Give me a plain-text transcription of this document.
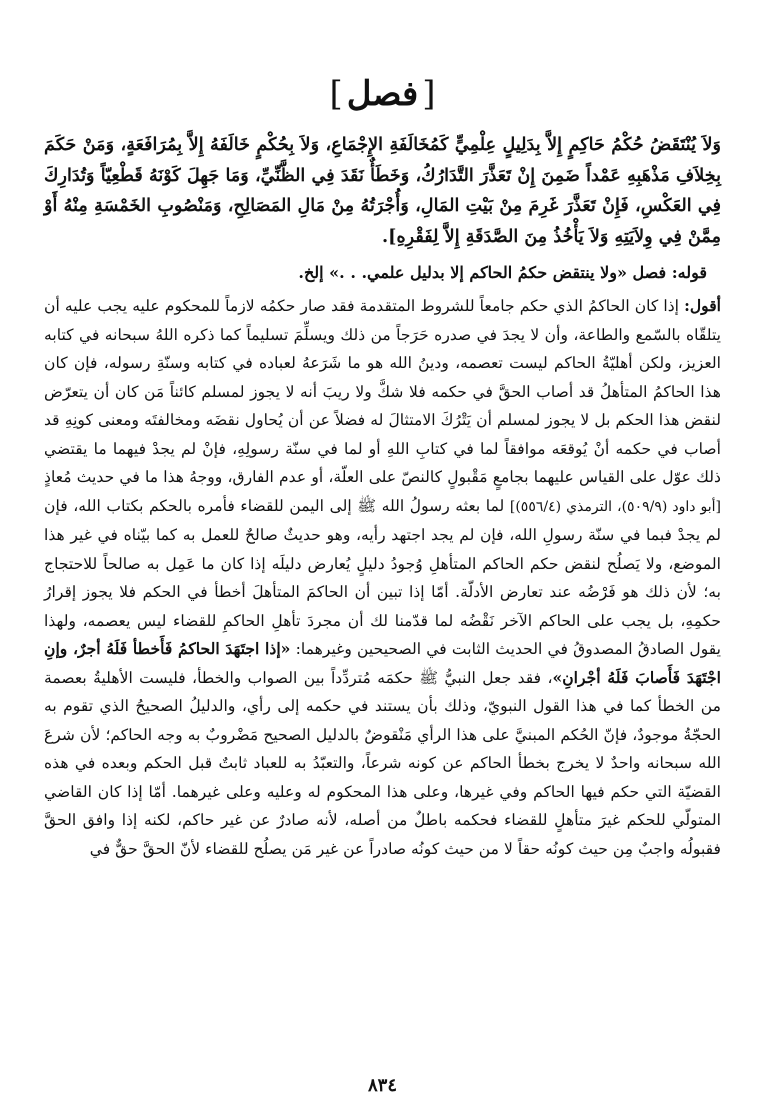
[فصل]

وَلاَ يُنْتَقَضُ حُكْمُ حَاكِمٍ إِلاَّ بِدَلِيلٍ عِلْمِيٍّ كَمُخَالَفَةِ الإِجْمَاعِ، وَلاَ بِحُكْمٍ خَالَفَهُ إِلاَّ بِمُرَافَعَةٍ، وَمَنْ حَكَمَ بِخِلاَفِ مَذْهَبِهِ عَمْداً ضَمِنَ إِنْ تَعَذَّرَ التَّدَارُكُ، وَخَطَأٌ نَقَدَ فِي الظَّنِّيِّ، وَمَا جَهِلَ كَوْنَهُ قَطْعِيّاً وَتُدَارِكَ فِي العَكْسِ، فَإِنْ تَعَذَّرَ غَرِمَ مِنْ بَيْتِ المَالِ، وَأُجْرَتُهُ مِنْ مَالِ المَصَالِحِ، وَمَنْصُوبِ الخَمْسَةِ مِنْهُ أَوْ مِمَّنْ فِي وِلاَيَتِهِ وَلاَ يَأْخُذُ مِنَ الصَّدَقَةِ إِلاَّ لِفَقْرِهِ].

قوله: فصل «ولا ينتقض حكمُ الحاكم إلا بدليل علمي. . .» إلخ.

أقول: إذا كان الحاكمُ الذي حكم جامعاً للشروط المتقدمة فقد صار حكمُه لازماً للمحكوم عليه يجب عليه أن يتلقّاه بالسّمع والطاعة، وأن لا يجدَ في صدره حَرَجاً من ذلك ويسلِّمَ تسليماً كما ذكره اللهُ سبحانه في كتابه العزيز، ولكن أهليّةُ الحاكم ليست تعصمه، ودينُ الله هو ما شَرَعهُ لعباده في كتابه وسنّةِ رسوله، فإن كان هذا الحاكمُ المتأهلُ قد أصاب الحقَّ في حكمه فلا شكَّ ولا ريبَ أنه لا يجوز لمسلم كائناً مَن كان أن يتعرّض لنقض هذا الحكم بل لا يجوز لمسلم أن يَتْرُكَ الامتثالَ له فضلاً عن أن يُحاول نقضَه ومخالفتَه ومعنى كونِهِ قد أصاب في حكمه أنْ يُوقعَه موافقاً لما في كتابِ اللهِ أو لما في سنّة رسولِهِ، فإنْ لم يجدْ فيهما ما يقتضي ذلك عوّل على القياس عليهما بجامعٍ مَقْبولٍ كالنصّ على العلّة، أو عدم الفارق، ووجهُ هذا ما في حديث مُعاذٍ [أبو داود (٥٠٩/٩)، الترمذي (٥٥٦/٤)] لما بعثه رسولُ الله ﷺ إلى اليمن للقضاء فأمره بالحكم بكتاب الله، فإن لم يجدْ فبما في سنّة رسولِ الله، فإن لم يجد اجتهد رأيه، وهو حديثٌ صالحٌ للعمل به كما بيّناه في غير هذا الموضع، ولا يَصلُح لنقض حكم الحاكم المتأهلِ وُجودُ دليلٍ يُعارض دليلَه إذا كان ما عَمِل به صالحاً للاحتجاج به؛ لأن ذلك هو فَرْضُه عند تعارض الأدلّة. أمّا إذا تبين أن الحاكمَ المتأهلَ أخطأ في الحكم فلا يجوز إقرارُ حكمِهِ، بل يجب على الحاكم الآخر نَقْضُه لما قدّمنا لك أن مجردَ تأهلِ الحاكمِ للقضاء ليس يعصمه، ولهذا يقول الصادقُ المصدوقُ في الحديث الثابت في الصحيحين وغيرهما: «إذا اجتَهَدَ الحاكمُ فَأَخطأ فَلَهُ أجرٌ، وإنِ اجْتَهَدَ فَأَصابَ فَلَهُ أجْرانِ»، فقد جعل النبيُّ ﷺ حكمَه مُتردِّداً بين الصواب والخطأ، فليست الأهليةُ بعصمة من الخطأ كما في هذا القول النبويّ، وذلك بأن يستند في حكمه إلى رأي، والدليلُ الصحيحُ الذي تقوم به الحجّةُ موجودٌ، فإنّ الحُكم المبنيَّ على هذا الرأي مَنْقوضٌ بالدليل الصحيح مَضْروبٌ به وجه الحاكم؛ لأن شرعَ الله سبحانه واحدٌ لا يخرج بخطأ الحاكم عن كونه شرعاً، والتعبّدُ به للعباد ثابتٌ قبل الحكم وبعده في هذه القضيّة التي حكم فيها الحاكم وفي غيرها، وعلى هذا المحكوم له وعليه وعلى غيرهما. أمّا إذا كان القاضي المتولّي للحكم غيرَ متأهلٍ للقضاء فحكمه باطلٌ من أصله، لأنه صادرٌ عن غير حاكم، لكنه إذا وافق الحقَّ فقبولُه واجبٌ مِن حيث كونُه حقاً لا من حيث كونُه صادراً عن غير مَن يصلُح للقضاء لأنّ الحقَّ حقٌّ في

٨٣٤
